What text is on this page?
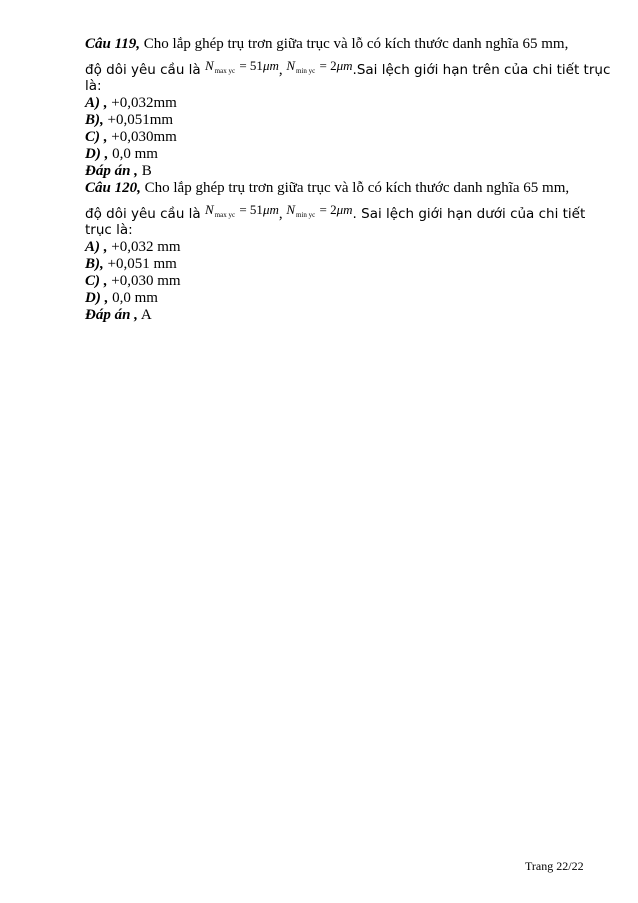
Câu 119, Cho lắp ghép trụ trơn giữa trục và lỗ có kích thước danh nghĩa 65 mm,
độ dôi yêu cầu là $N_{max yc} = 51\mu m$, $N_{min yc} = 2\mu m.Sai$ lệch giới hạn trên của chi tiết trục
là:
A) , +0,032mm
B), +0,051mm
C) , +0,030mm
D) , 0,0 mm
Đáp án , B
Câu 120, Cho lắp ghép trụ trơn giữa trục và lỗ có kích thước danh nghĩa 65 mm,
độ dôi yêu cầu là $N_{max yc} = 51\mu m$, $N_{min yc} = 2\mu m$. Sai lệch giới hạn dưới của chi tiết
trục là:
A) , +0,032 mm
B), +0,051 mm
C) , +0,030 mm
D) , 0,0 mm
Đáp án , A
Trang 22/22
